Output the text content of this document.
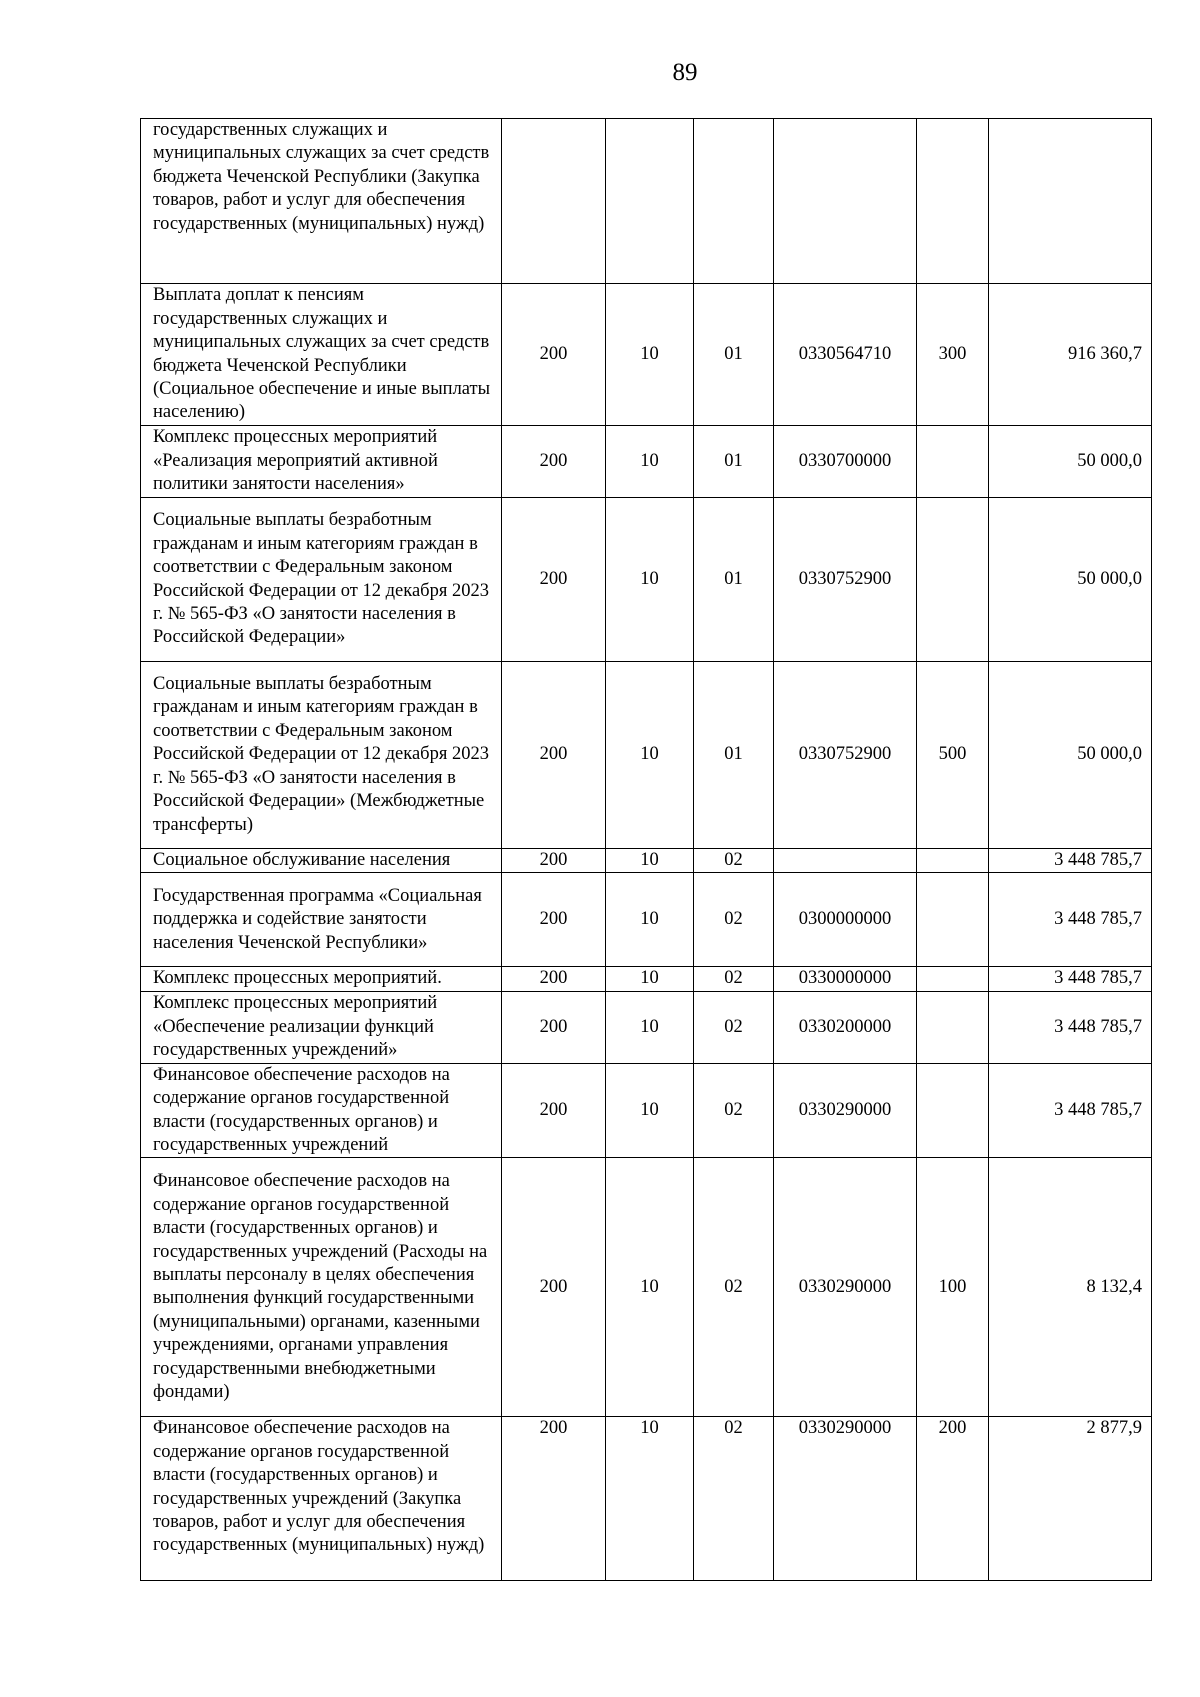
89
государственных служащих и муниципальных служащих за счет средств бюджета Чеченской Республики (Закупка товаров, работ и услуг для обеспечения государственных (муниципальных) нужд)						
Выплата доплат к пенсиям государственных служащих и муниципальных служащих за счет средств бюджета Чеченской Республики (Социальное обеспечение и иные выплаты населению)	200	10	01	0330564710	300	916 360,7
Комплекс процессных мероприятий «Реализация мероприятий активной политики занятости населения»	200	10	01	0330700000		50 000,0
Социальные выплаты безработным гражданам и иным категориям граждан в соответствии с Федеральным законом Российской Федерации от 12 декабря 2023 г. № 565-ФЗ «О занятости населения в Российской Федерации»	200	10	01	0330752900		50 000,0
Социальные выплаты безработным гражданам и иным категориям граждан в соответствии с Федеральным законом Российской Федерации от 12 декабря 2023 г. № 565-ФЗ «О занятости населения в Российской Федерации» (Межбюджетные трансферты)	200	10	01	0330752900	500	50 000,0
Социальное обслуживание населения	200	10	02			3 448 785,7
Государственная программа «Социальная поддержка и содействие занятости населения Чеченской Республики»	200	10	02	0300000000		3 448 785,7
Комплекс процессных мероприятий.	200	10	02	0330000000		3 448 785,7
Комплекс процессных мероприятий «Обеспечение реализации функций государственных учреждений»	200	10	02	0330200000		3 448 785,7
Финансовое обеспечение расходов на содержание органов государственной власти (государственных органов) и государственных учреждений	200	10	02	0330290000		3 448 785,7
Финансовое обеспечение расходов на содержание органов государственной власти (государственных органов) и государственных учреждений (Расходы на выплаты персоналу в целях обеспечения выполнения функций государственными (муниципальными) органами, казенными учреждениями, органами управления государственными внебюджетными фондами)	200	10	02	0330290000	100	8 132,4
Финансовое обеспечение расходов на содержание органов государственной власти (государственных органов) и государственных учреждений (Закупка товаров, работ и услуг для обеспечения государственных (муниципальных) нужд)	200	10	02	0330290000	200	2 877,9
